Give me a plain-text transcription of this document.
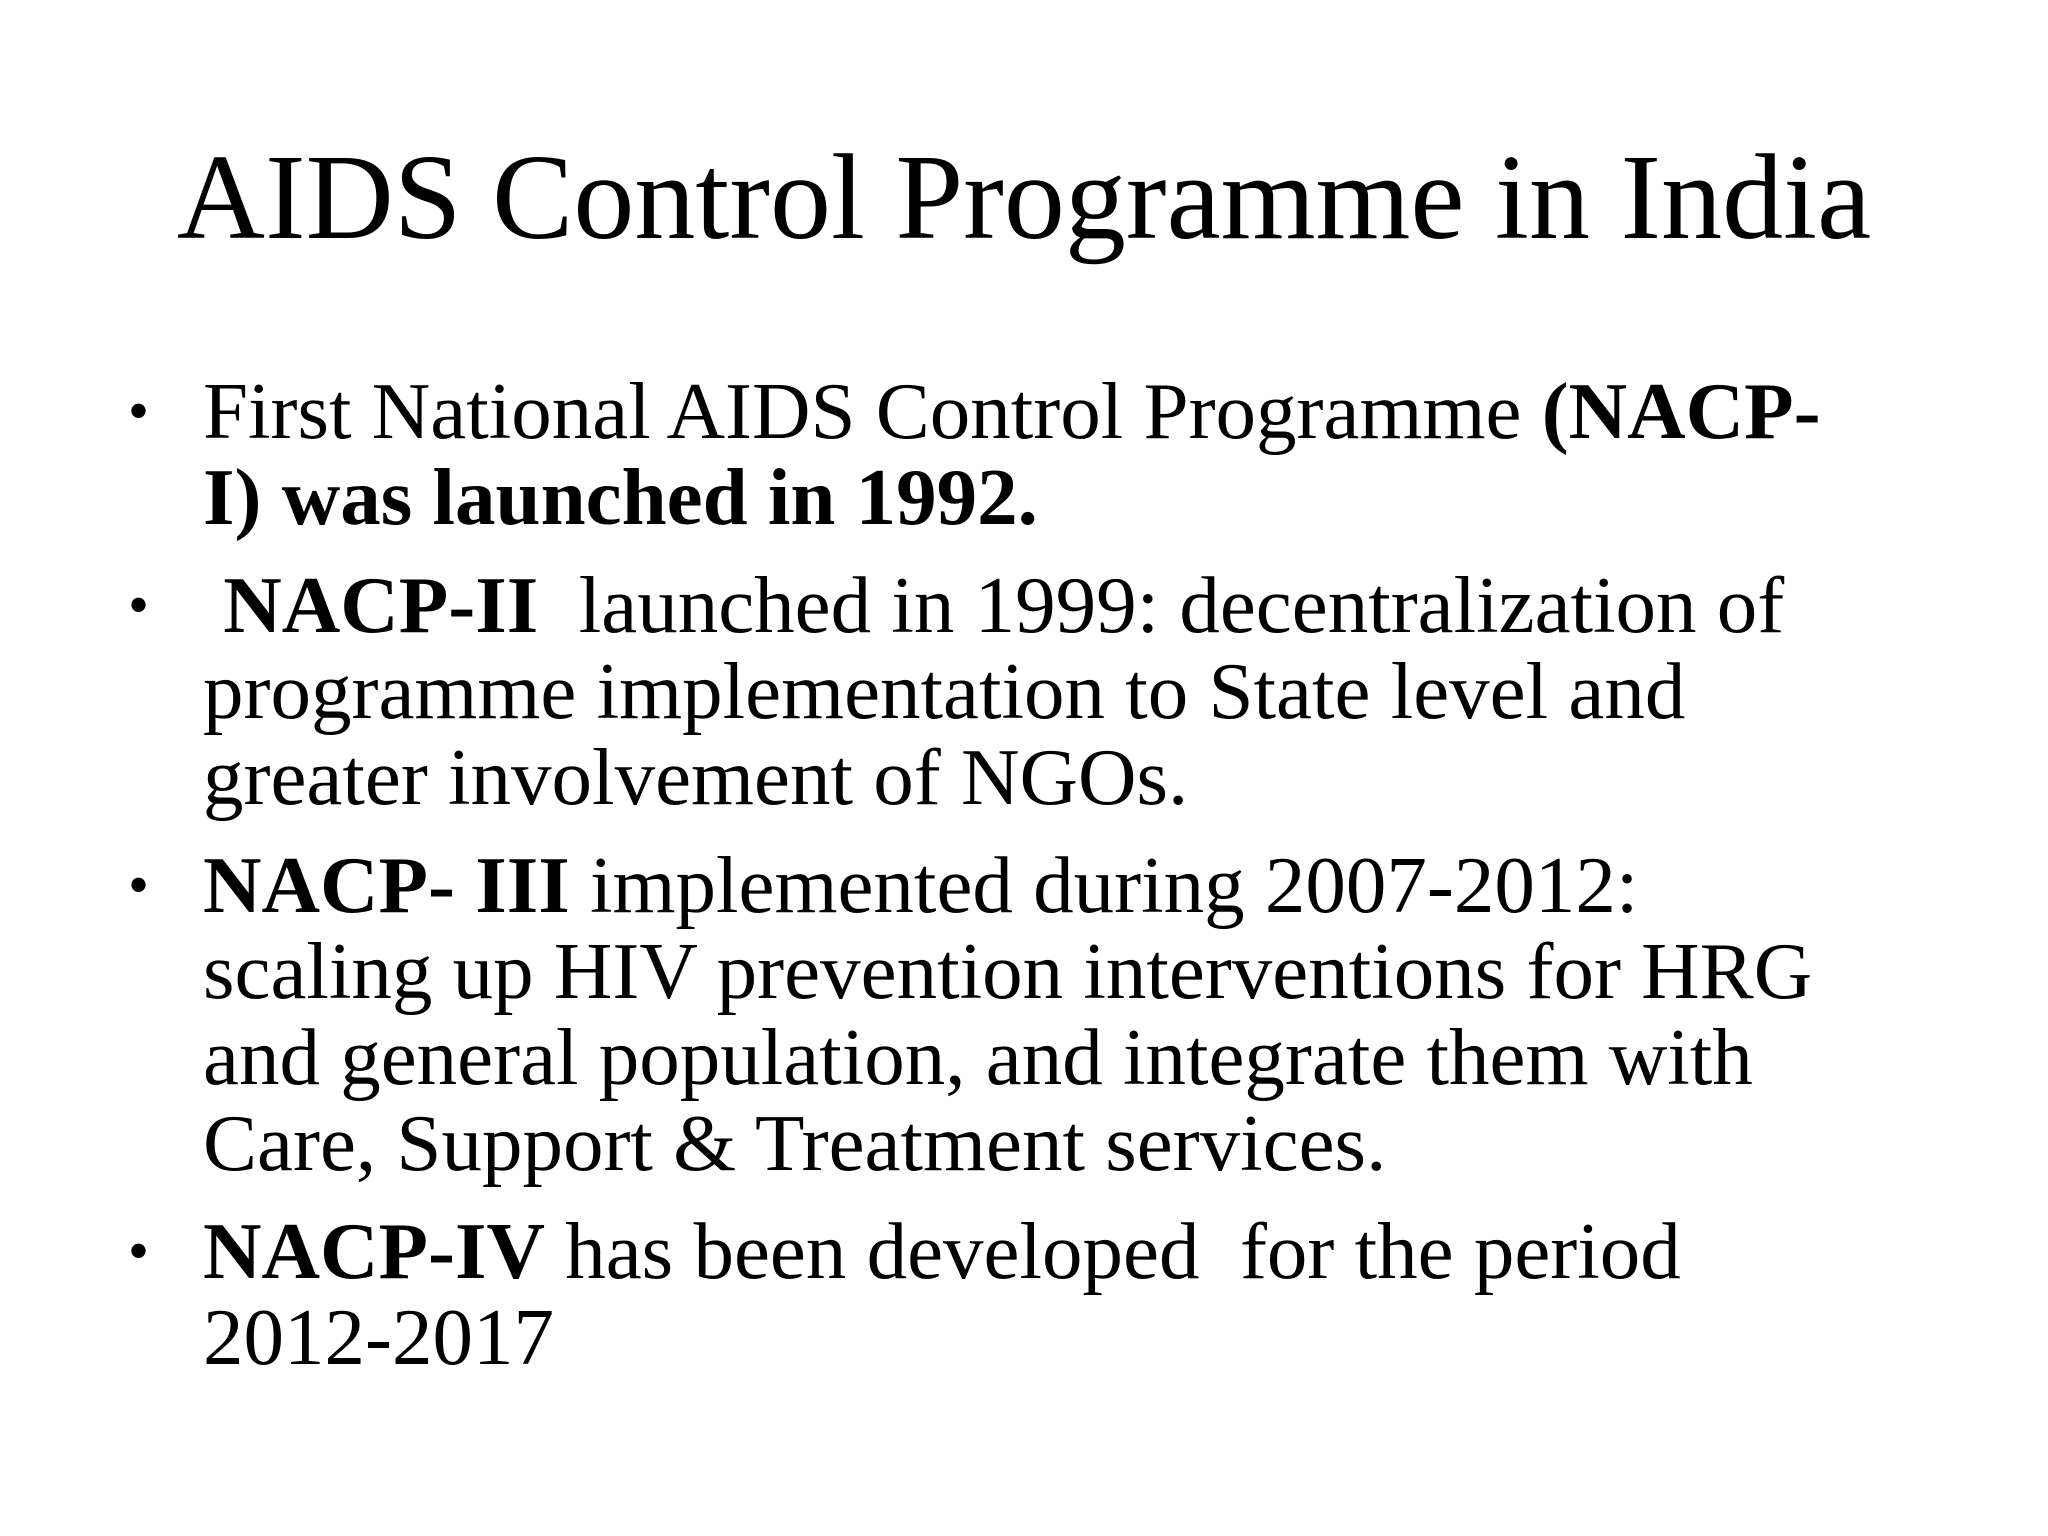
AIDS Control Programme in India
• First National AIDS Control Programme (NACP-
I) was launched in 1992.
• NACP-II  launched in 1999: decentralization of
programme implementation to State level and
greater involvement of NGOs.
• NACP- III implemented during 2007-2012:
scaling up HIV prevention interventions for HRG
and general population, and integrate them with
Care, Support & Treatment services.
• NACP-IV has been developed  for the period
2012-2017
